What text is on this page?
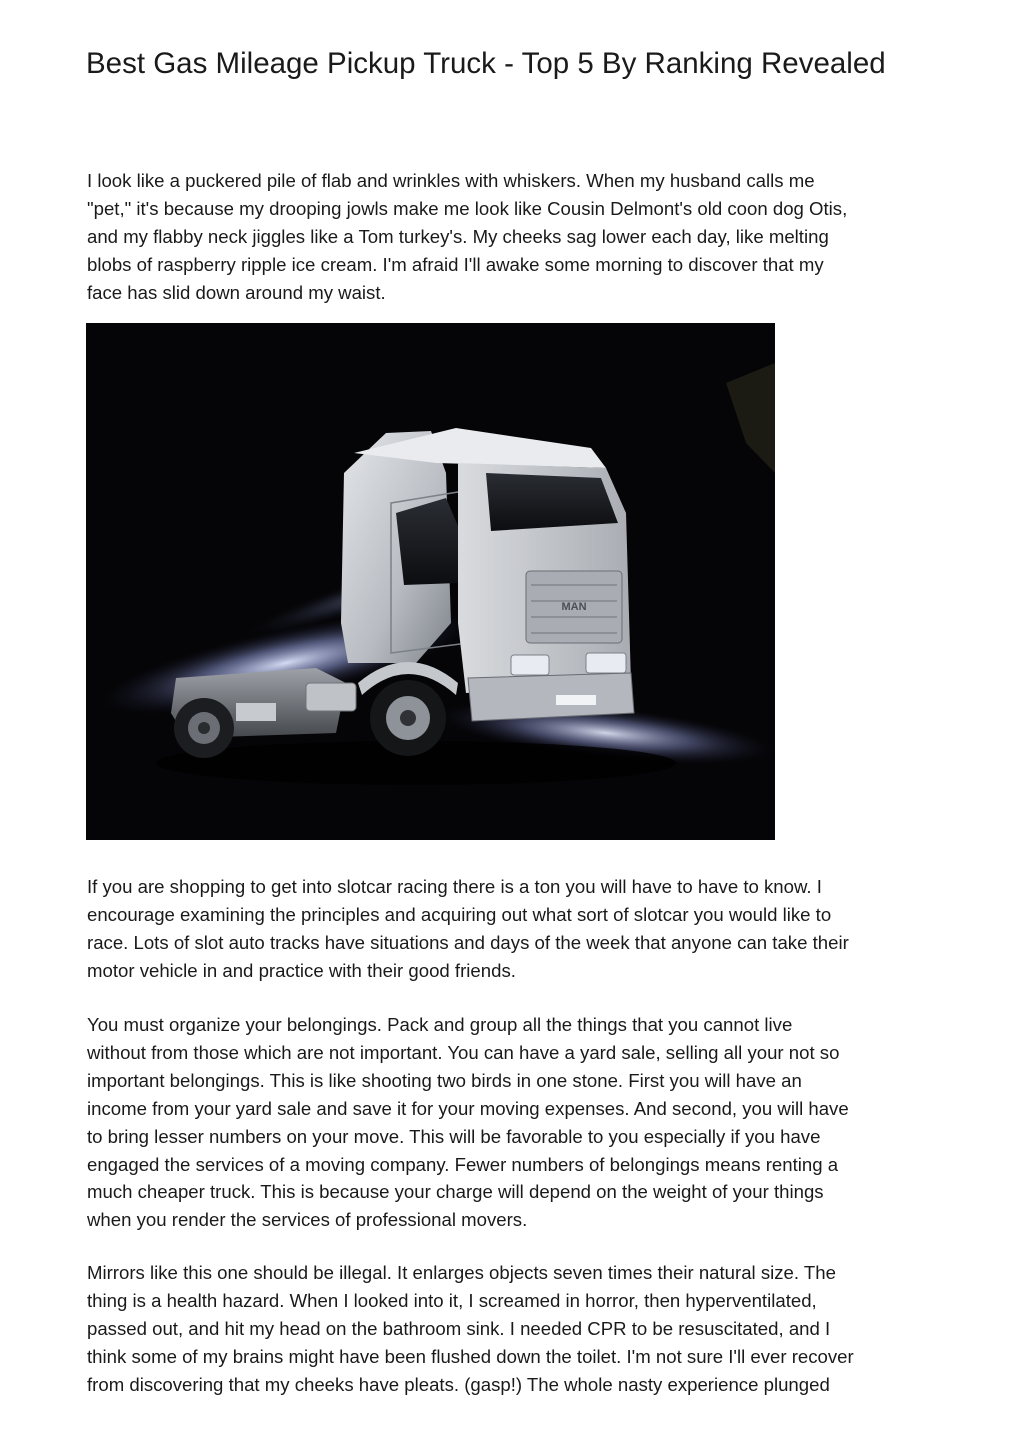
Best Gas Mileage Pickup Truck - Top 5 By Ranking Revealed
I look like a puckered pile of flab and wrinkles with whiskers. When my husband calls me
"pet," it's because my drooping jowls make me look like Cousin Delmont's old coon dog Otis,
and my flabby neck jiggles like a Tom turkey's. My cheeks sag lower each day, like melting
blobs of raspberry ripple ice cream. I'm afraid I'll awake some morning to discover that my
face has slid down around my waist.
MAN
If you are shopping to get into slotcar racing there is a ton you will have to have to know. I
encourage examining the principles and acquiring out what sort of slotcar you would like to
race. Lots of slot auto tracks have situations and days of the week that anyone can take their
motor vehicle in and practice with their good friends.
You must organize your belongings. Pack and group all the things that you cannot live
without from those which are not important. You can have a yard sale, selling all your not so
important belongings. This is like shooting two birds in one stone. First you will have an
income from your yard sale and save it for your moving expenses. And second, you will have
to bring lesser numbers on your move. This will be favorable to you especially if you have
engaged the services of a moving company. Fewer numbers of belongings means renting a
much cheaper truck. This is because your charge will depend on the weight of your things
when you render the services of professional movers.
Mirrors like this one should be illegal. It enlarges objects seven times their natural size. The
thing is a health hazard. When I looked into it, I screamed in horror, then hyperventilated,
passed out, and hit my head on the bathroom sink. I needed CPR to be resuscitated, and I
think some of my brains might have been flushed down the toilet. I'm not sure I'll ever recover
from discovering that my cheeks have pleats. (gasp!) The whole nasty experience plunged
